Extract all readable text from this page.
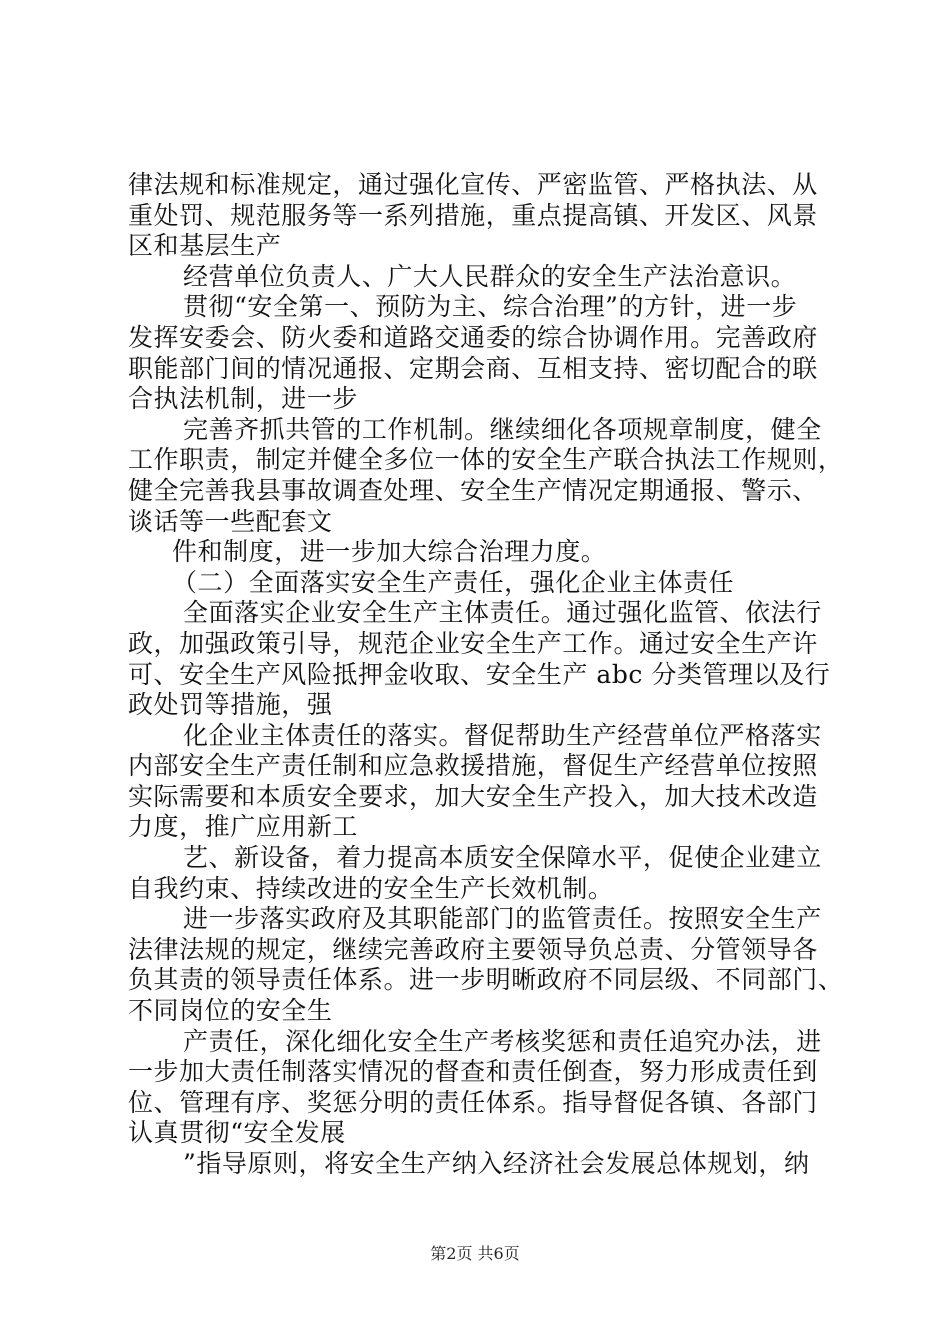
律法规和标准规定，通过强化宣传、严密监管、严格执法、从
重处罚、规范服务等一系列措施，重点提高镇、开发区、风景
区和基层生产
经营单位负责人、广大人民群众的安全生产法治意识。
贯彻“安全第一、预防为主、综合治理”的方针，进一步
发挥安委会、防火委和道路交通委的综合协调作用。完善政府
职能部门间的情况通报、定期会商、互相支持、密切配合的联
合执法机制，进一步
完善齐抓共管的工作机制。继续细化各项规章制度，健全
工作职责，制定并健全多位一体的安全生产联合执法工作规则，
健全完善我县事故调查处理、安全生产情况定期通报、警示、
谈话等一些配套文
件和制度，进一步加大综合治理力度。
（二）全面落实安全生产责任，强化企业主体责任
全面落实企业安全生产主体责任。通过强化监管、依法行
政，加强政策引导，规范企业安全生产工作。通过安全生产许
可、安全生产风险抵押金收取、安全生产 abc 分类管理以及行
政处罚等措施，强
化企业主体责任的落实。督促帮助生产经营单位严格落实
内部安全生产责任制和应急救援措施，督促生产经营单位按照
实际需要和本质安全要求，加大安全生产投入，加大技术改造
力度，推广应用新工
艺、新设备，着力提高本质安全保障水平，促使企业建立
自我约束、持续改进的安全生产长效机制。
进一步落实政府及其职能部门的监管责任。按照安全生产
法律法规的规定，继续完善政府主要领导负总责、分管领导各
负其责的领导责任体系。进一步明晰政府不同层级、不同部门、
不同岗位的安全生
产责任，深化细化安全生产考核奖惩和责任追究办法，进
一步加大责任制落实情况的督查和责任倒查，努力形成责任到
位、管理有序、奖惩分明的责任体系。指导督促各镇、各部门
认真贯彻“安全发展
”指导原则，将安全生产纳入经济社会发展总体规划，纳
第2页 共6页
